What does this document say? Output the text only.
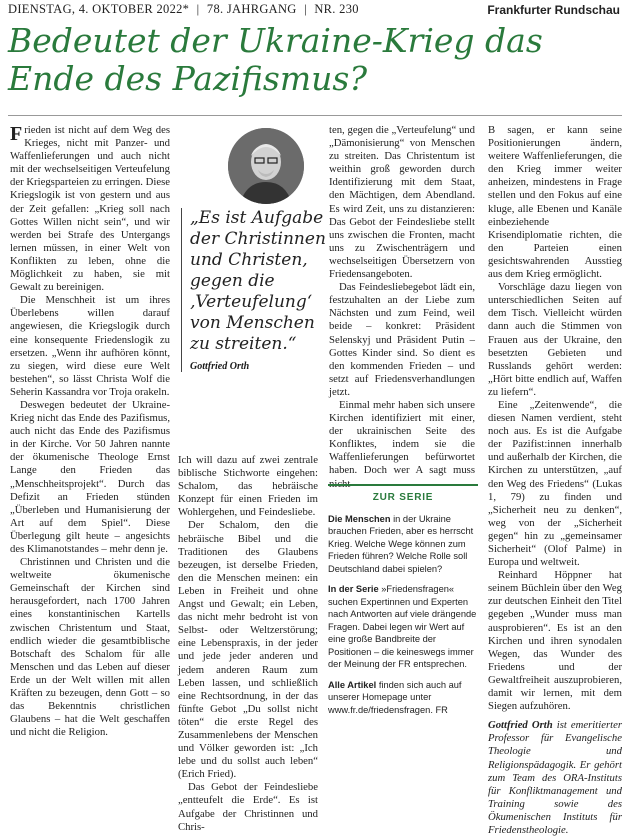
DIENSTAG, 4. OKTOBER 2022* | 78. JAHRGANG | NR. 230	Frankfurter Rundschau
Bedeutet der Ukraine-Krieg das Ende des Pazifismus?

Frieden ist nicht auf dem Weg des Krieges, nicht mit Panzer- und Waffenlieferungen und auch nicht mit der wechselseitigen Verteufelung der Kriegsparteien zu erringen. Diese Kriegslogik ist von gestern und aus der Zeit gefallen: „Krieg soll nach Gottes Willen nicht sein“, und wir werden bei Strafe des Untergangs lernen müssen, in einer Welt von Konflikten zu leben, ohne die Möglichkeit zu haben, sie mit Gewalt zu bereinigen.

Die Menschheit ist um ihres Überlebens willen darauf angewiesen, die Kriegslogik durch eine konsequente Friedenslogik zu ersetzen. „Wenn ihr aufhören könnt, zu siegen, wird diese eure Welt bestehen“, so lässt Christa Wolf die Seherin Kassandra vor Troja orakeln.

Deswegen bedeutet der Ukraine-Krieg nicht das Ende des Pazifismus, auch nicht das Ende des Pazifismus in der Kirche. Vor 50 Jahren nannte der ökumenische Theologe Ernst Lange den Frieden das „Menschheitsprojekt“. Durch das Defizit an Frieden stünden „Überleben und Humanisierung der Art auf dem Spiel“. Diese Überlegung gilt heute – angesichts des Klimanotstandes – mehr denn je.

Christinnen und Christen und die weltweite ökumenische Gemeinschaft der Kirchen sind herausgefordert, nach 1700 Jahren eines konstantinischen Kartells zwischen Christentum und Staat, endlich wieder die gesamtbiblische Botschaft des Schalom für alle Menschen und das Leben auf dieser Erde un der Welt willen mit allen Kräften zu bezeugen, denn Gott – so das Bekenntnis christlichen Glaubens – hat die Welt geschaffen und nicht die Religion.

„Es ist Aufgabe der Christinnen und Christen, gegen die ‚Verteufelung‘ von Menschen zu streiten.“
Gottfried Orth

Ich will dazu auf zwei zentrale biblische Stichworte eingehen: Schalom, das hebräische Konzept für einen Frieden im Wohlergehen, und Feindesliebe.

Der Schalom, den die hebräische Bibel und die Traditionen des Glaubens bezeugen, ist derselbe Frieden, den die Menschen meinen: ein Leben in Freiheit und ohne Angst und Gewalt; ein Leben, das nicht mehr bedroht ist von Selbst- oder Weltzerstörung; eine Lebenspraxis, in der jeder und jede jeder anderen und jedem anderen Raum zum Leben lassen, und schließlich eine Rechtsordnung, in der das fünfte Gebot „Du sollst nicht töten“ die erste Regel des Zusammenlebens der Menschen und Völker geworden ist: „Ich lebe und du sollst auch leben“ (Erich Fried).

Das Gebot der Feindesliebe „entteufelt die Erde“. Es ist Aufgabe der Christinnen und Chris-

ten, gegen die „Verteufelung“ und „Dämonisierung“ von Menschen zu streiten. Das Christentum ist weithin groß geworden durch Identifizierung mit dem Staat, den Mächtigen, dem Abendland. Es wird Zeit, uns zu distanzieren: Das Gebot der Feindesliebe stellt uns zwischen die Fronten, macht uns zu Zwischenträgern und wechselseitigen Übersetzern von Friedensangeboten.

Das Feindesliebegebot lädt ein, festzuhalten an der Liebe zum Nächsten und zum Feind, weil beide – konkret: Präsident Selenskyj und Präsident Putin – Gottes Kinder sind. So dient es den kommenden Frieden – und setzt auf Friedensverhandlungen jetzt.

Einmal mehr haben sich unsere Kirchen identifiziert mit einer, der ukrainischen Seite des Konfliktes, indem sie die Waffenlieferungen befürwortet haben. Doch wer A sagt muss nicht

ZUR SERIE

Die Menschen in der Ukraine brauchen Frieden, aber es herrscht Krieg. Welche Wege können zum Frieden führen? Welche Rolle soll Deutschland dabei spielen?

In der Serie »Friedensfragen« suchen Expertinnen und Experten nach Antworten auf viele drängende Fragen. Dabei legen wir Wert auf eine große Bandbreite der Positionen – die keineswegs immer der Meinung der FR entsprechen.

Alle Artikel finden sich auch auf unserer Homepage unter www.fr.de/friedensfragen. FR

B sagen, er kann seine Positionierungen ändern, weitere Waffenlieferungen, die den Krieg immer weiter anheizen, mindestens in Frage stellen und den Fokus auf eine kluge, alle Ebenen und Kanäle einbeziehende Krisendiplomatie richten, die den Parteien einen gesichtswahrenden Ausstieg aus dem Krieg ermöglicht.

Vorschläge dazu liegen von unterschiedlichen Seiten auf dem Tisch. Vielleicht würden dann auch die Stimmen von Frauen aus der Ukraine, den besetzten Gebieten und Russlands gehört werden: „Hört bitte endlich auf, Waffen zu liefern“.

Eine „Zeitenwende“, die diesen Namen verdient, steht noch aus. Es ist die Aufgabe der Pazifist:innen innerhalb und außerhalb der Kirchen, die Kirchen zu unterstützen, „auf den Weg des Friedens“ (Lukas 1, 79) zu finden und „Sicherheit neu zu denken“, weg von der „Sicherheit gegen“ hin zu „gemeinsamer Sicherheit“ (Olof Palme) in Europa und weltweit.

Reinhard Höppner hat seinem Büchlein über den Weg zur deutschen Einheit den Titel gegeben „Wunder muss man ausprobieren“. Es ist an den Kirchen und ihren synodalen Wegen, das Wunder des Friedens und der Gewaltfreiheit auszuprobieren, damit wir lernen, mit dem Siegen aufzuhören.

Gottfried Orth ist emeritierter Professor für Evangelische Theologie und Religionspädagogik. Er gehört zum Team des ORA-Instituts für Konfliktmanagement und Training sowie des Ökumenischen Instituts für Friedenstheologie.
